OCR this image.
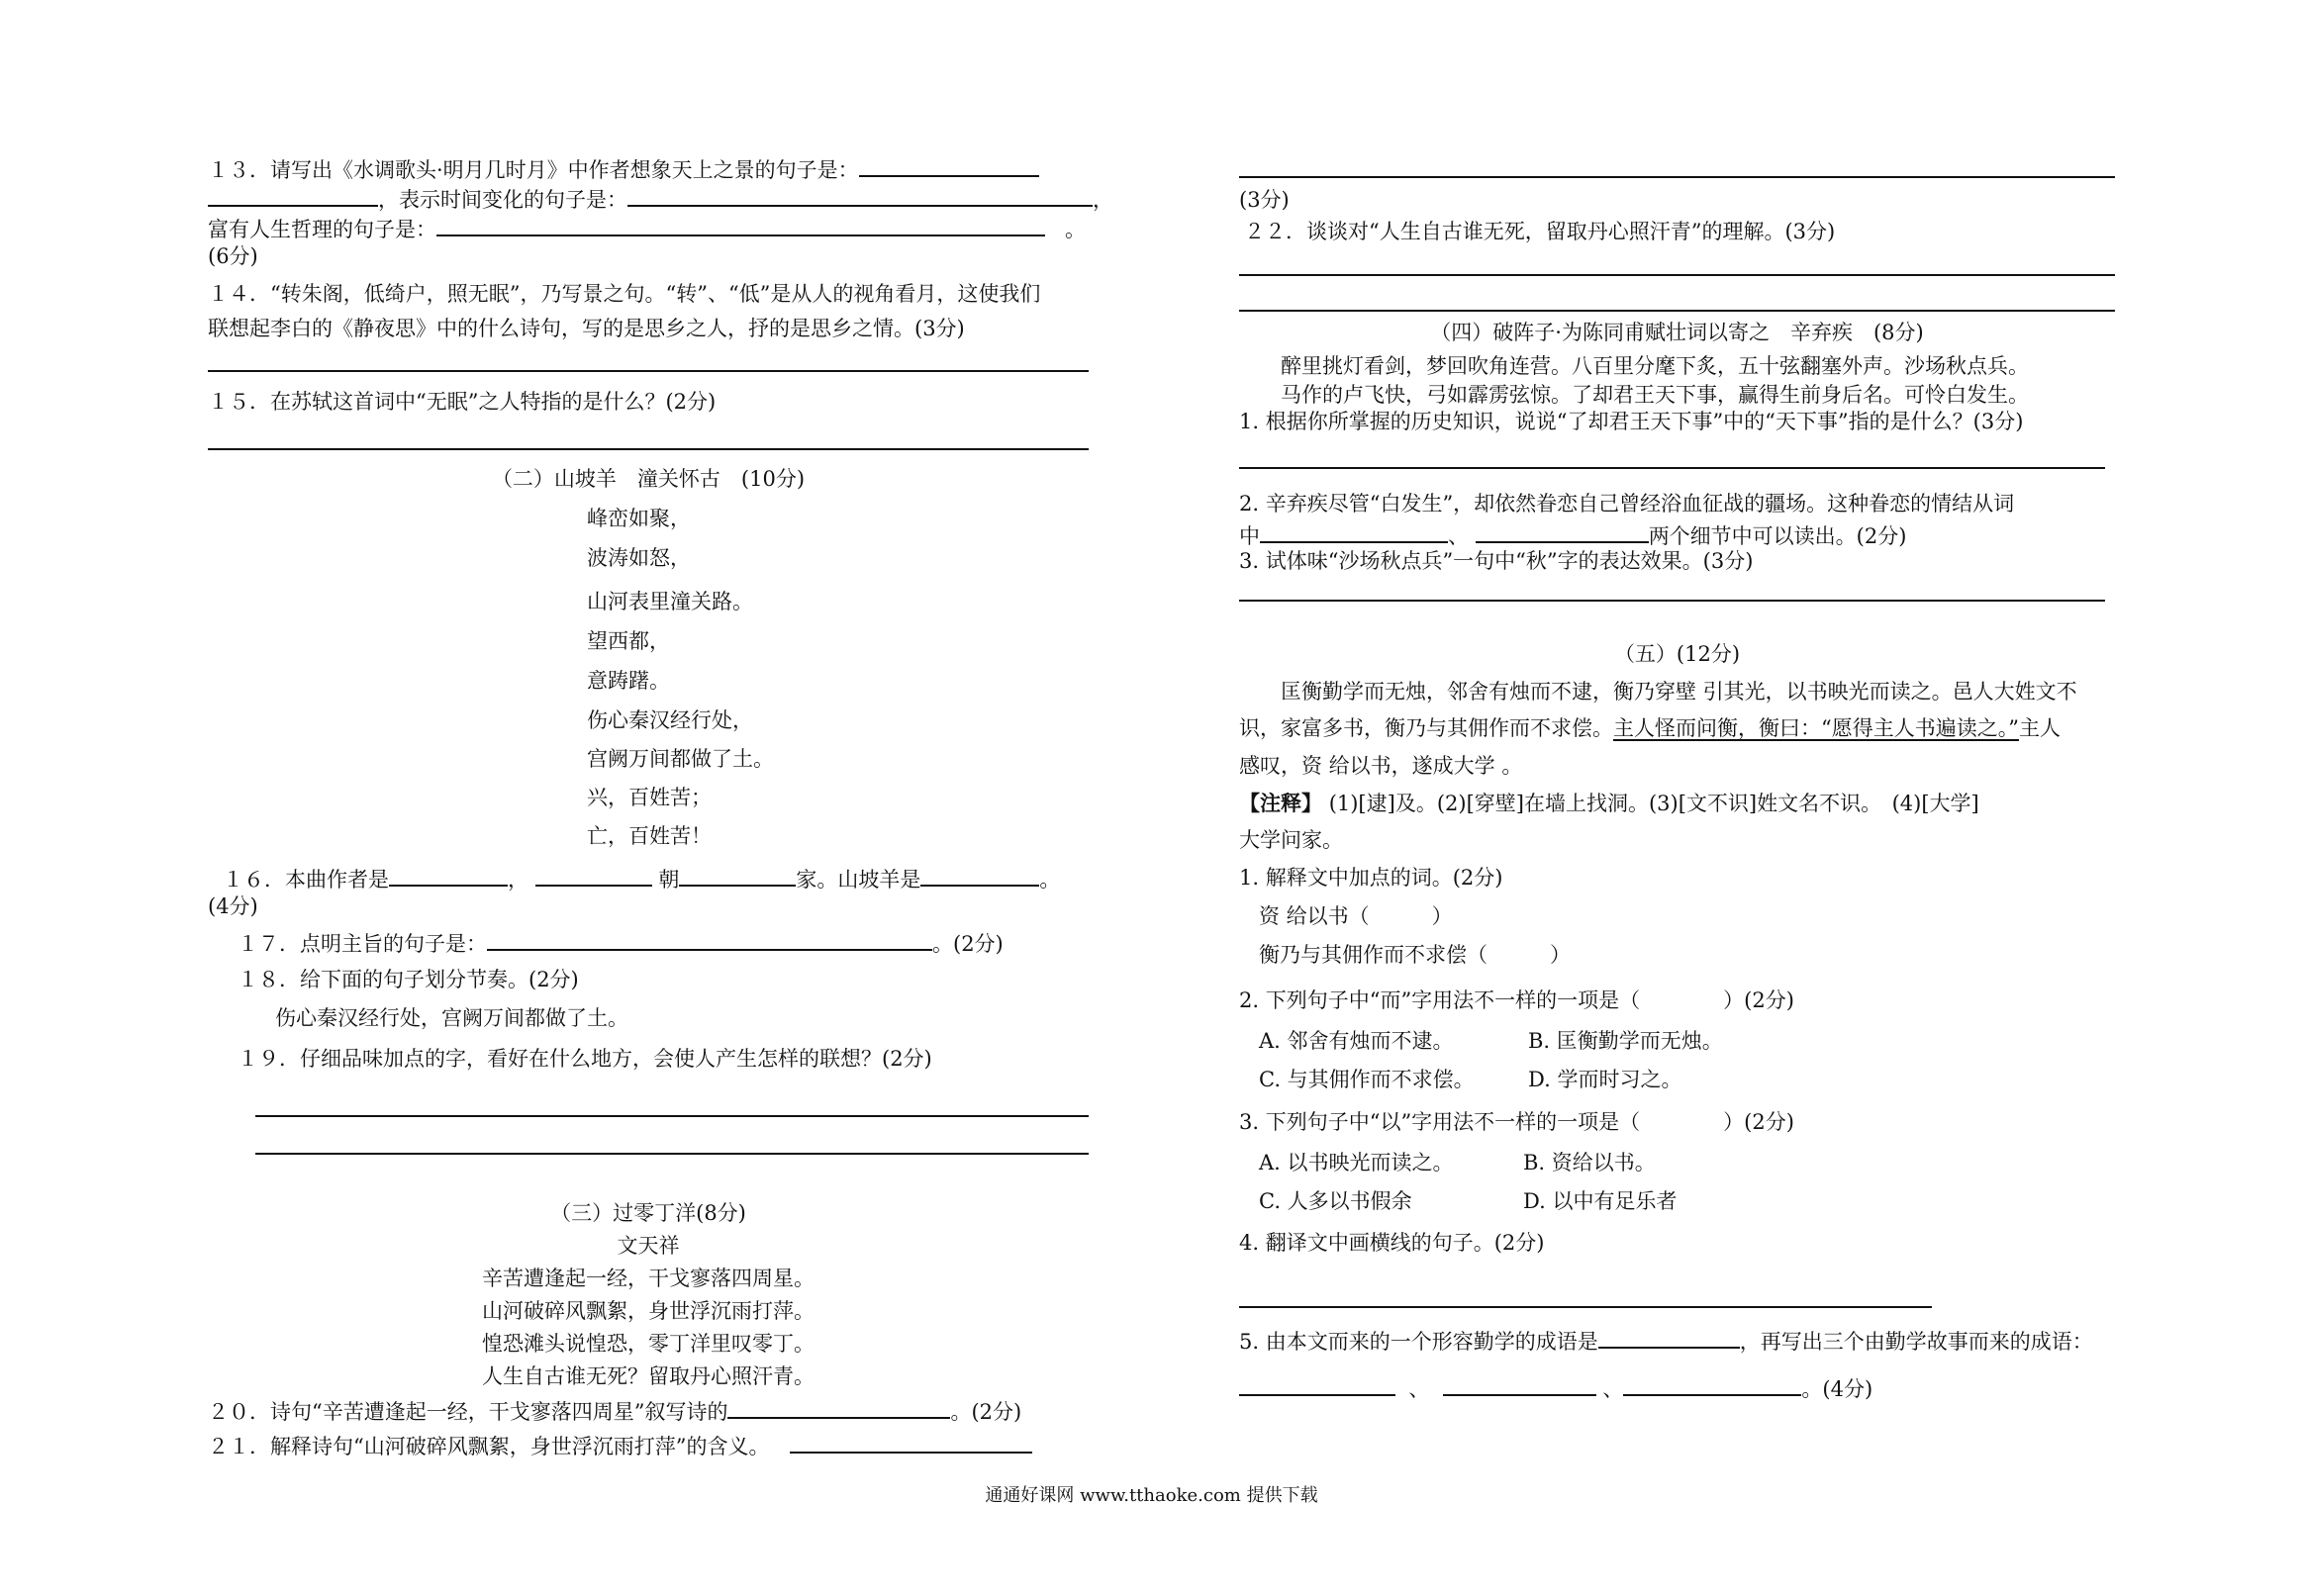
１３．请写出《水调歌头·明月几时月》中作者想象天上之景的句子是：
，表示时间变化的句子是：	，
富有人生哲理的句子是：	。
(6分)
１４．“转朱阁，低绮户，照无眠”，乃写景之句。“转”、“低”是从人的视角看月，这使我们
联想起李白的《静夜思》中的什么诗句，写的是思乡之人，抒的是思乡之情。(3分)
１５．在苏轼这首词中“无眠”之人特指的是什么？(2分)
（二）山坡羊　潼关怀古　(10分)
峰峦如聚，
波涛如怒，
山河表里潼关路。
望西都，
意踌躇。
伤心秦汉经行处，
宫阙万间都做了土。
兴，百姓苦；
亡，百姓苦！
１６．本曲作者是	，	朝	家。山坡羊是	。
(4分)
１７．点明主旨的句子是：	。(2分)
１８．给下面的句子划分节奏。(2分)
伤心秦汉经行处，宫阙万间都做了土。
１９．仔细品味加点的字，看好在什么地方，会使人产生怎样的联想？(2分)
（三）过零丁洋(8分)
文天祥
辛苦遭逢起一经，干戈寥落四周星。
山河破碎风飘絮，身世浮沉雨打萍。
惶恐滩头说惶恐，零丁洋里叹零丁。
人生自古谁无死？留取丹心照汗青。
２０．诗句“辛苦遭逢起一经，干戈寥落四周星”叙写诗的	。(2分)
２１．解释诗句“山河破碎风飘絮，身世浮沉雨打萍”的含义。
(3分)
２２．谈谈对“人生自古谁无死，留取丹心照汗青”的理解。(3分)
（四）破阵子·为陈同甫赋壮词以寄之　辛弃疾　(8分)
醉里挑灯看剑，梦回吹角连营。八百里分麾下炙，五十弦翻塞外声。沙场秋点兵。
马作的卢飞快，弓如霹雳弦惊。了却君王天下事，赢得生前身后名。可怜白发生。
1. 根据你所掌握的历史知识，说说“了却君王天下事”中的“天下事”指的是什么？(3分)
2. 辛弃疾尽管“白发生”，却依然眷恋自己曾经浴血征战的疆场。这种眷恋的情结从词
中	、	两个细节中可以读出。(2分)
3. 试体味“沙场秋点兵”一句中“秋”字的表达效果。(3分)
（五）(12分)
匡衡勤学而无烛，邻舍有烛而不逮，衡乃穿壁 引其光，以书映光而读之。邑人大姓文不
识，家富多书，衡乃与其佣作而不求偿。主人怪而问衡，衡曰：“愿得主人书遍读之。”主人
感叹，资 给以书，遂成大学 。
【注释】 (1)[逮]及。(2)[穿壁]在墙上找洞。(3)[文不识]姓文名不识。　(4)[大学]
大学问家。
1. 解释文中加点的词。(2分)
资 给以书（　　　）
衡乃与其佣作而不求偿（　　　）
2. 下列句子中“而”字用法不一样的一项是（　　　　）(2分)
A. 邻舍有烛而不逮。	B. 匡衡勤学而无烛。
C. 与其佣作而不求偿。	D. 学而时习之。
3. 下列句子中“以”字用法不一样的一项是（　　　　）(2分)
A. 以书映光而读之。	B. 资给以书。
C. 人多以书假余	D. 以中有足乐者
4. 翻译文中画横线的句子。(2分)
5. 由本文而来的一个形容勤学的成语是	，再写出三个由勤学故事而来的成语：
、	、	。(4分)
通通好课网 www.tthaoke.com 提供下载
